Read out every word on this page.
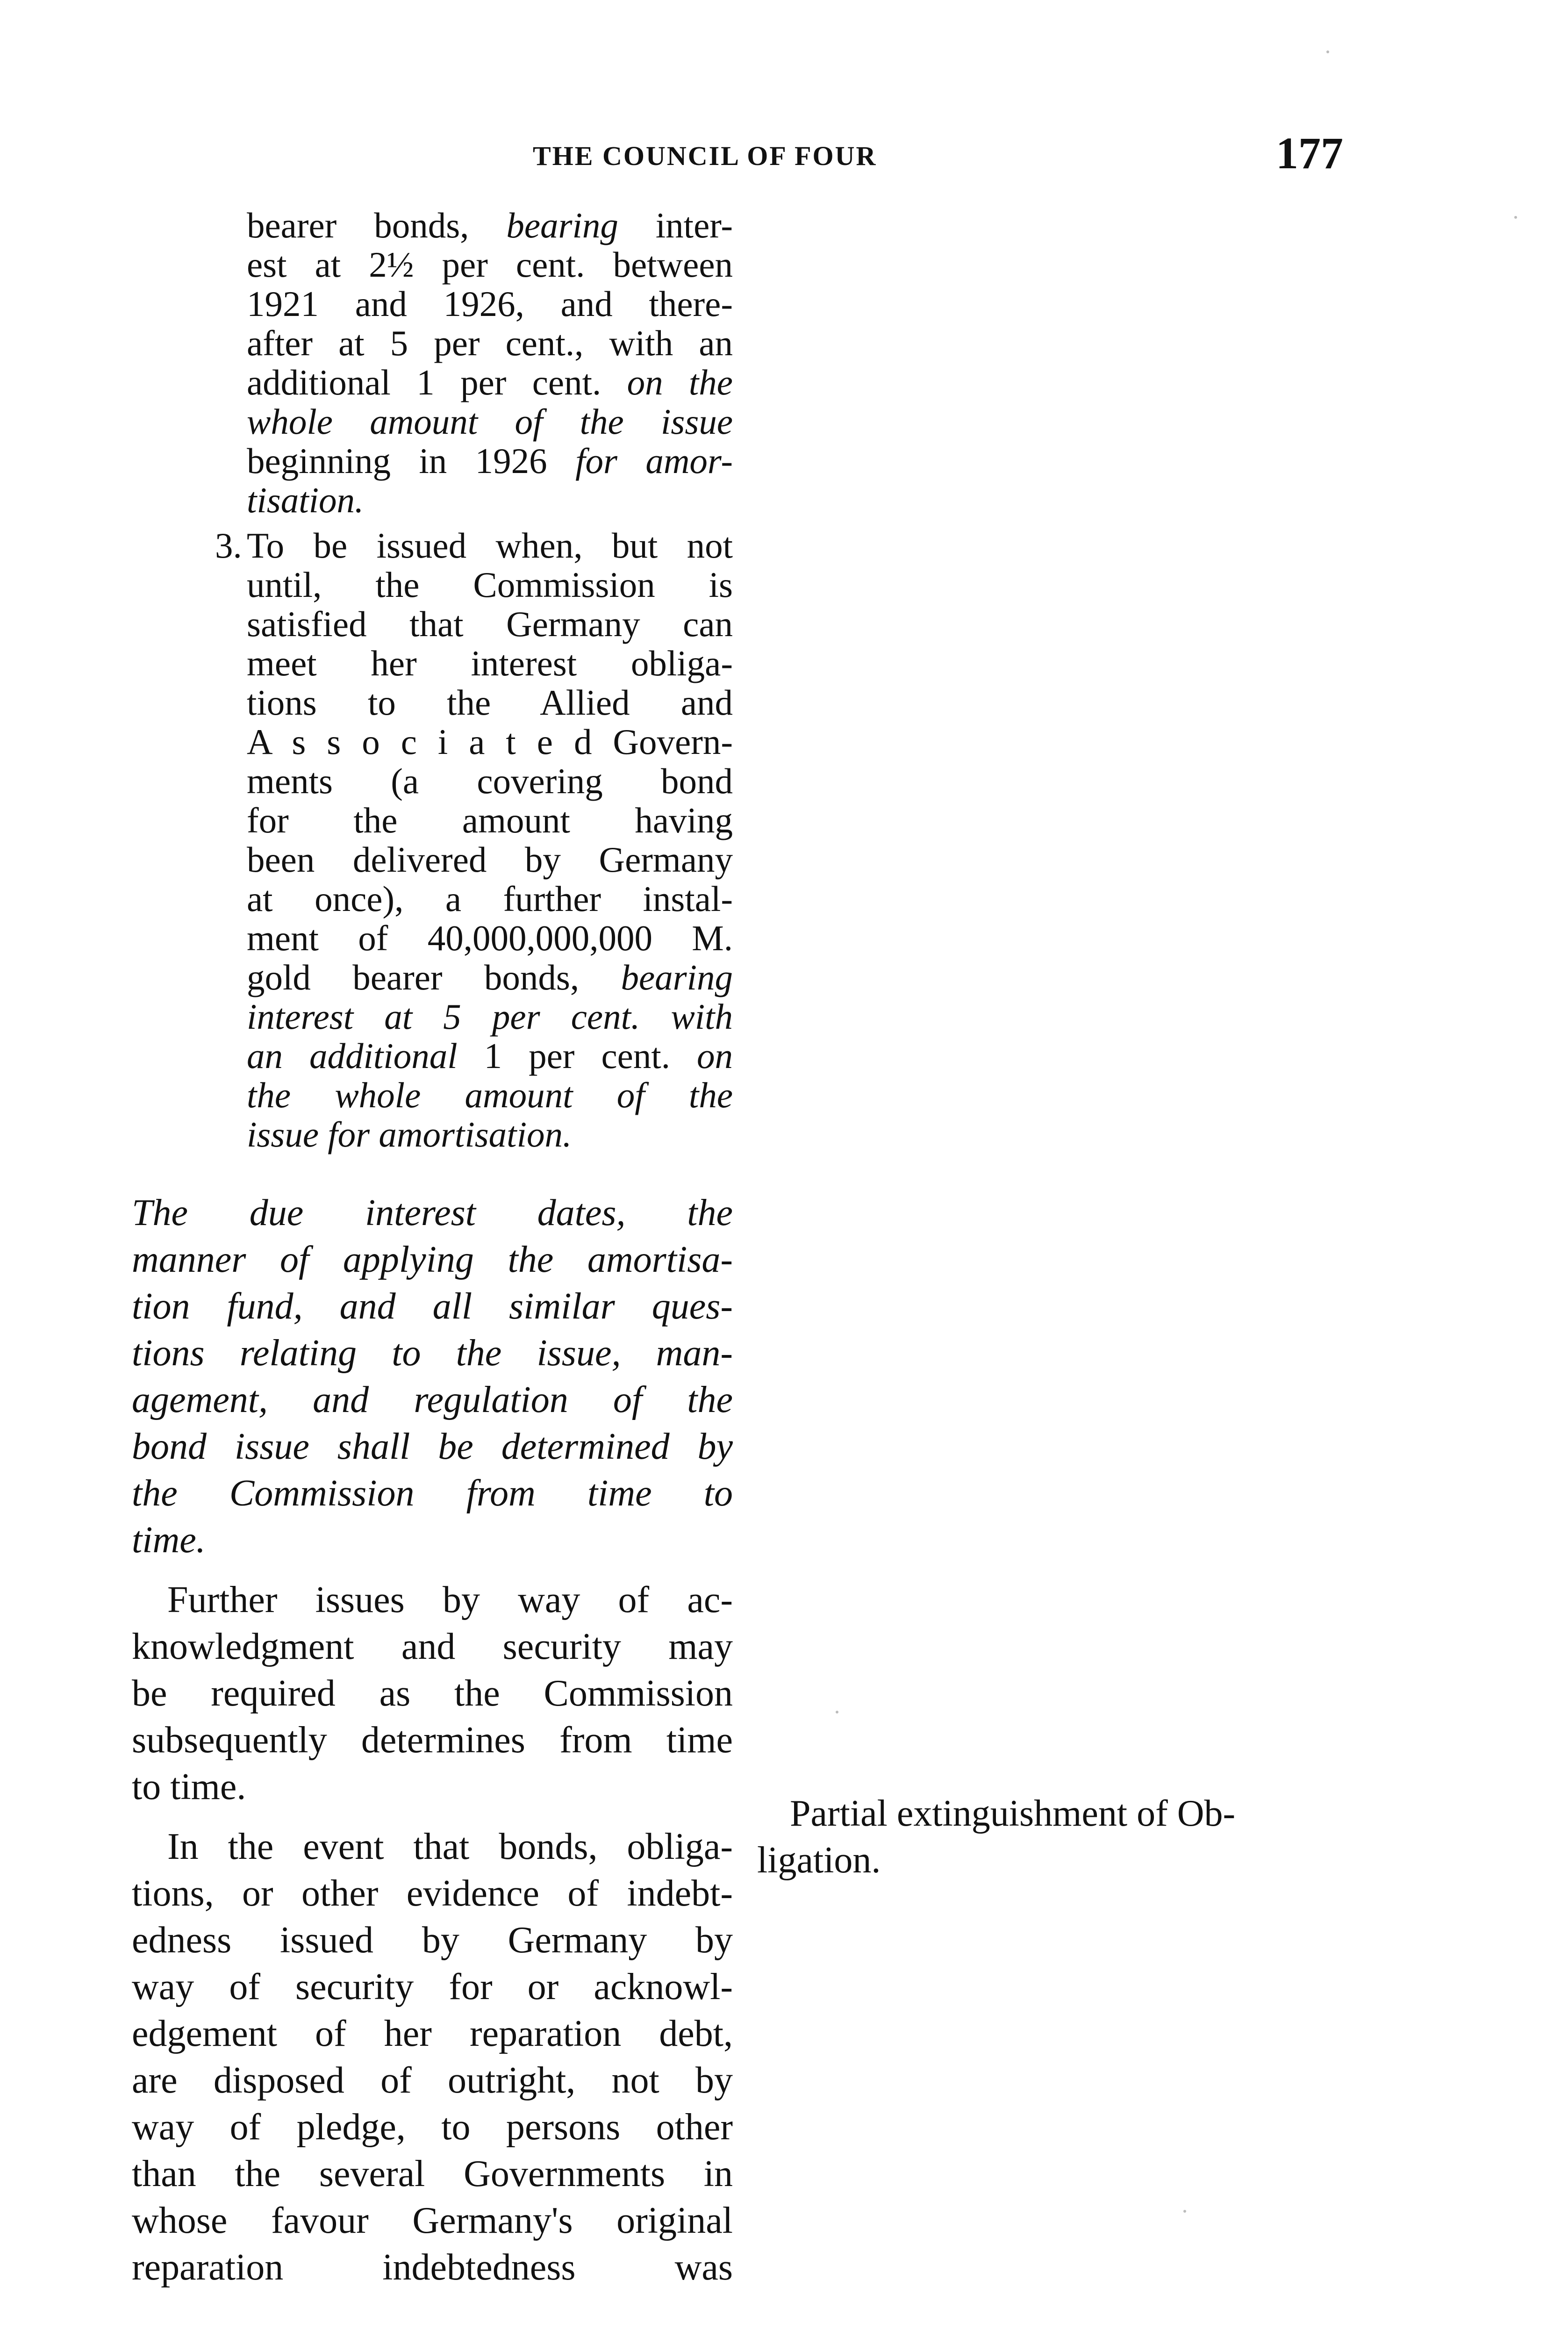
THE COUNCIL OF FOUR	177
bearer bonds, bearing inter-
est at 2½ per cent. between
1921 and 1926, and there-
after at 5 per cent., with an
additional 1 per cent. on the
whole amount of the issue
beginning in 1926 for amor-
tisation.
3. To be issued when, but not
until, the Commission is
satisfied that Germany can
meet her interest obliga-
tions to the Allied and
A s s o c i a t e d Govern-
ments (a covering bond
for the amount having
been delivered by Germany
at once), a further instal-
ment of 40,000,000,000 M.
gold bearer bonds, bearing
interest at 5 per cent. with
an additional 1 per cent. on
the whole amount of the
issue for amortisation.
The due interest dates, the
manner of applying the amortisa-
tion fund, and all similar ques-
tions relating to the issue, man-
agement, and regulation of the
bond issue shall be determined by
the Commission from time to
time.
Further issues by way of ac-
knowledgment and security may
be required as the Commission
subsequently determines from time
to time.
In the event that bonds, obliga-
tions, or other evidence of indebt-
edness issued by Germany by
way of security for or acknowl-
edgement of her reparation debt,
are disposed of outright, not by
way of pledge, to persons other
than the several Governments in
whose favour Germany's original
reparation indebtedness was
Partial extinguishment of Ob-
ligation.
